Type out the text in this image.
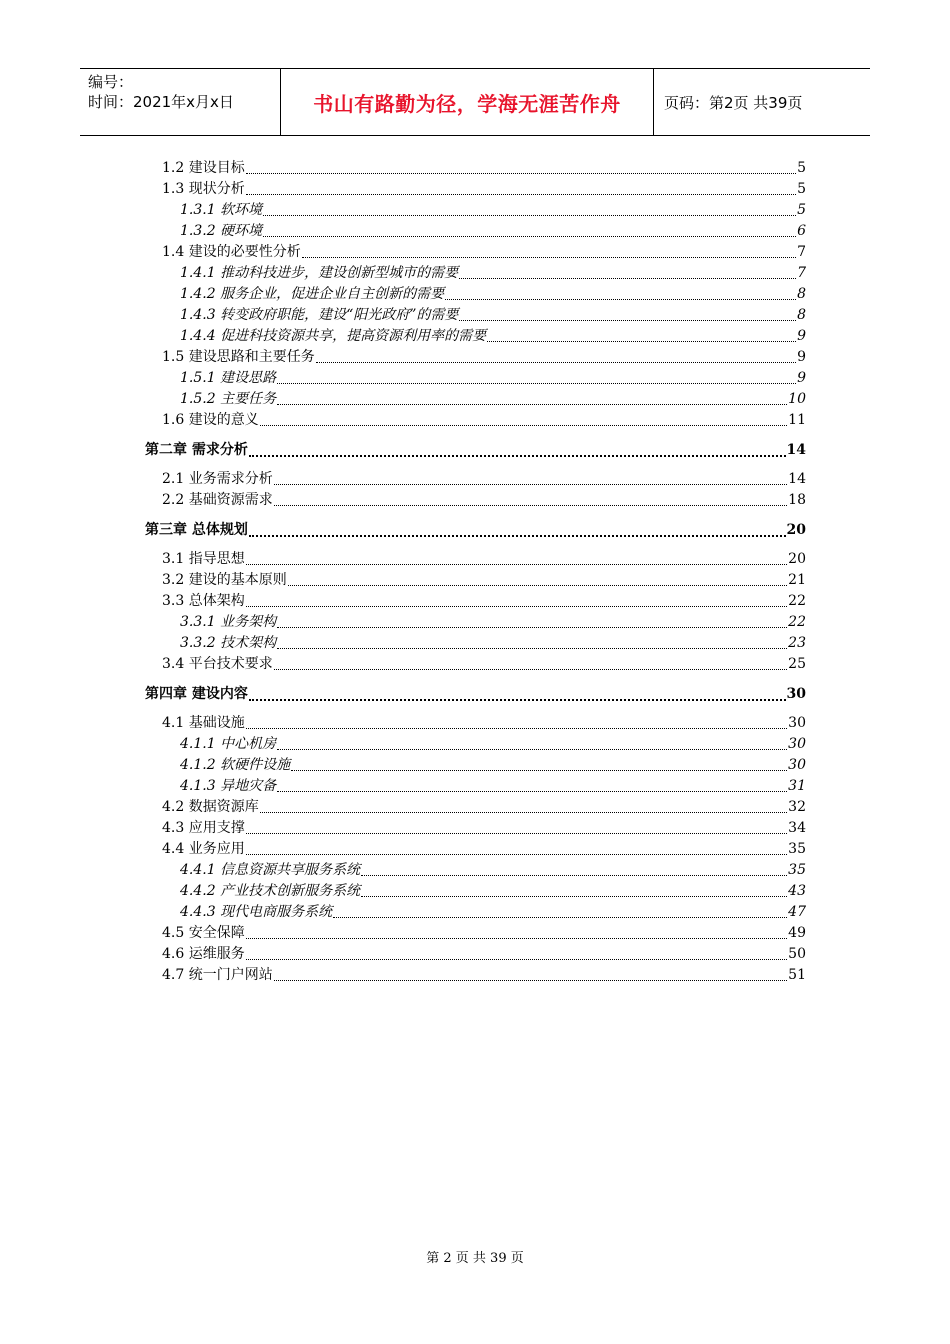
编号：
时间：2021年x月x日	书山有路勤为径，学海无涯苦作舟	页码：第2页 共39页
1.2 建设目标	5
1.3 现状分析	5
1.3.1 软环境	5
1.3.2 硬环境	6
1.4 建设的必要性分析	7
1.4.1 推动科技进步，建设创新型城市的需要	7
1.4.2 服务企业，促进企业自主创新的需要	8
1.4.3 转变政府职能，建设“阳光政府”的需要	8
1.4.4 促进科技资源共享，提高资源利用率的需要	9
1.5 建设思路和主要任务	9
1.5.1 建设思路	9
1.5.2 主要任务	10
1.6 建设的意义	11
第二章 需求分析	14
2.1 业务需求分析	14
2.2 基础资源需求	18
第三章 总体规划	20
3.1 指导思想	20
3.2 建设的基本原则	21
3.3 总体架构	22
3.3.1 业务架构	22
3.3.2 技术架构	23
3.4 平台技术要求	25
第四章 建设内容	30
4.1 基础设施	30
4.1.1 中心机房	30
4.1.2 软硬件设施	30
4.1.3 异地灾备	31
4.2 数据资源库	32
4.3 应用支撑	34
4.4 业务应用	35
4.4.1 信息资源共享服务系统	35
4.4.2 产业技术创新服务系统	43
4.4.3 现代电商服务系统	47
4.5 安全保障	49
4.6 运维服务	50
4.7 统一门户网站	51
第 2 页 共 39 页
